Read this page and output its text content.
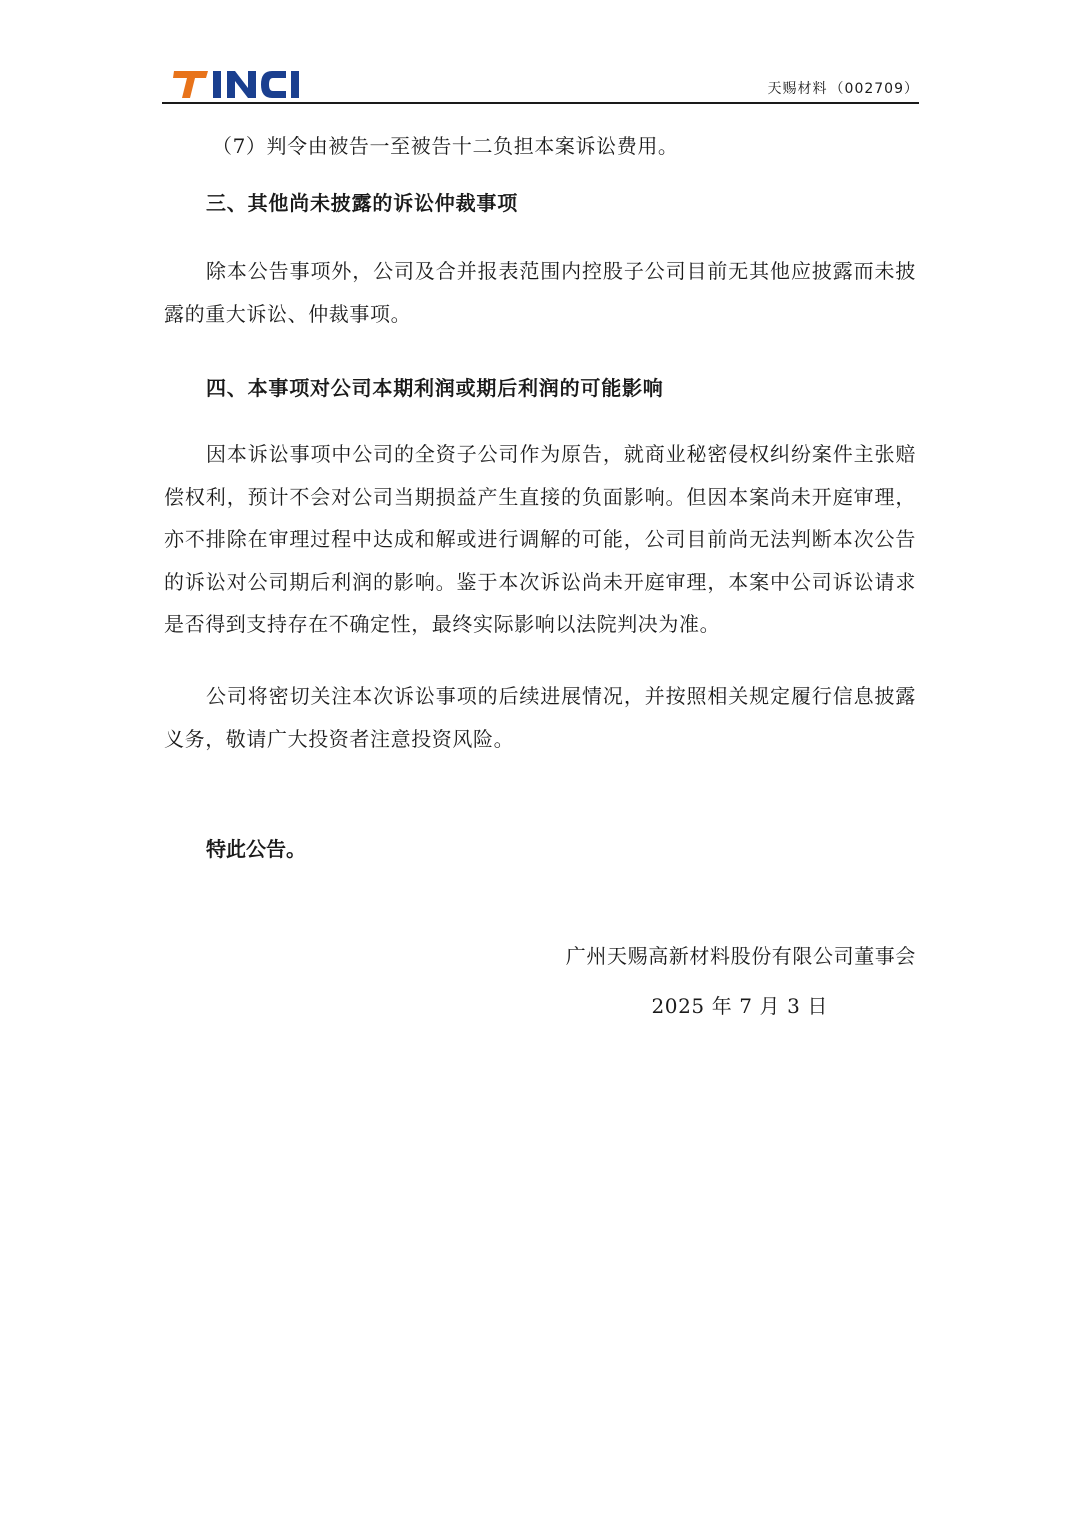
天赐材料 （002709）

（7）判令由被告一至被告十二负担本案诉讼费用。

三、其他尚未披露的诉讼仲裁事项

除本公告事项外，公司及合并报表范围内控股子公司目前无其他应披露而未披露的重大诉讼、仲裁事项。

四、本事项对公司本期利润或期后利润的可能影响

因本诉讼事项中公司的全资子公司作为原告，就商业秘密侵权纠纷案件主张赔偿权利，预计不会对公司当期损益产生直接的负面影响。但因本案尚未开庭审理，亦不排除在审理过程中达成和解或进行调解的可能，公司目前尚无法判断本次公告的诉讼对公司期后利润的影响。鉴于本次诉讼尚未开庭审理，本案中公司诉讼请求是否得到支持存在不确定性，最终实际影响以法院判决为准。

公司将密切关注本次诉讼事项的后续进展情况，并按照相关规定履行信息披露义务，敬请广大投资者注意投资风险。

特此公告。

广州天赐高新材料股份有限公司董事会

2025 年 7 月 3 日
